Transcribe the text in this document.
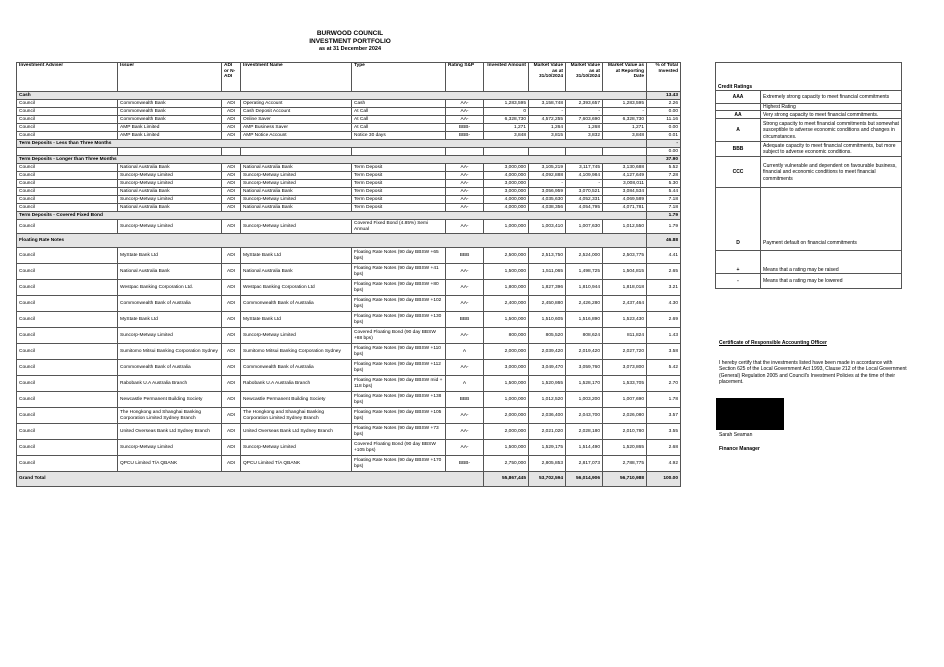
BURWOOD COUNCIL
INVESTMENT PORTFOLIO
as at 31 December 2024
Investment Adviser	Issuer	ADI or N-ADI	Investment Name	Type	Rating S&P	Invested Amount	Market Value as at 31/10/2024	Market Value as at 31/10/2024	Market Value as at Reporting Date	% of Total Invested
Cash										13.43
Council	Commonwealth Bank	ADI	Operating Account	Cash	AA-	1,283,595	3,158,748	2,393,657	1,283,595	2.26
Council	Commonwealth Bank	ADI	Cash Deposit Account	At Call	AA-	0	-	-	-	0.00
Council	Commonwealth Bank	ADI	Online Saver	At Call	AA-	6,328,730	4,572,255	7,603,690	6,328,730	11.16
Council	AMP Bank Limited	ADI	AMP Business Saver	At Call	BBB-	1,271	1,264	1,268	1,271	0.00
Council	AMP Bank Limited	ADI	AMP Notice Account	Notice 30 days	BBB-	3,848	3,815	3,832	3,848	0.01
Term Deposits - Less than Three Months										-
										0.00
Term Deposits - Longer than Three Months										37.90
Council	National Australia Bank	ADI	National Australia Bank	Term Deposit	AA-	3,000,000	3,105,219	3,117,745	3,130,688	5.52
Council	Suncorp-Metway Limited	ADI	Suncorp-Metway Limited	Term Deposit	AA-	4,000,000	4,092,888	4,109,984	4,127,649	7.28
Council	Suncorp-Metway Limited	ADI	Suncorp-Metway Limited	Term Deposit	AA-	3,000,000	-	-	3,008,011	5.30
Council	National Australia Bank	ADI	National Australia Bank	Term Deposit	AA-	3,000,000	3,056,959	3,070,521	3,084,534	5.44
Council	Suncorp-Metway Limited	ADI	Suncorp-Metway Limited	Term Deposit	AA-	4,000,000	4,035,630	4,052,331	4,069,589	7.18
Council	National Australia Bank	ADI	National Australia Bank	Term Deposit	AA-	4,000,000	4,038,356	4,054,795	4,071,781	7.18
Term Deposits - Covered Fixed Bond										1.79
Council	Suncorp-Metway Limited	ADI	Suncorp-Metway Limited	Covered Fixed Bond (4.85%) Semi Annual	AA-	1,000,000	1,003,410	1,007,630	1,012,550	1.79
Floating Rate Notes										46.88
Council	MyState Bank Ltd	ADI	MyState Bank Ltd	Floating Rate Notes (90 day BBSW +65 bps)	BBB	2,500,000	2,513,750	2,524,000	2,503,775	4.41
Council	National Australia Bank	ADI	National Australia Bank	Floating Rate Notes (90 day BBSW +41 bps)	AA-	1,500,000	1,511,065	1,498,725	1,504,815	2.65
Council	Westpac Banking Corporation Ltd.	ADI	Westpac Banking Corporation Ltd	Floating Rate Notes (90 day BBSW +80 bps)	AA-	1,800,000	1,827,396	1,810,944	1,818,018	3.21
Council	Commonwealth Bank of Australia	ADI	Commonwealth Bank of Australia	Floating Rate Notes (90 day BBSW +102 bps)	AA-	2,400,000	2,450,880	2,426,280	2,437,464	4.30
Council	MyState Bank Ltd	ADI	MyState Bank Ltd	Floating Rate Notes (90 day BBSW +130 bps)	BBB	1,500,000	1,510,605	1,516,890	1,523,430	2.69
Council	Suncorp-Metway Limited	ADI	Suncorp-Metway Limited	Covered Floating Bond (90 day BBSW +88 bps)	AA-	800,000	805,520	808,624	811,824	1.43
Council	Sumitomo Mitsui Banking Corporation Sydney	ADI	Sumitomo Mitsui Banking Corporation Sydney	Floating Rate Notes (90 day BBSW +110 bps)	A	2,000,000	2,039,420	2,019,420	2,027,720	3.58
Council	Commonwealth Bank of Australia	ADI	Commonwealth Bank of Australia	Floating Rate Notes (90 day BBSW +112 bps)	AA-	3,000,000	3,049,470	3,059,760	3,073,800	5.42
Council	Rabobank U.A Australia Branch	ADI	Rabobank U.A Australia Branch	Floating Rate Notes (90 day BBSW mid + 118 bps)	A	1,500,000	1,520,955	1,528,170	1,533,705	2.70
Council	Newcastle Permanent Building Society	ADI	Newcastle Permanent Building Society	Floating Rate Notes (90 day BBSW +138 bps)	BBB	1,000,000	1,012,520	1,003,200	1,007,690	1.78
Council	The Hongkong and Shanghai Banking Corporation Limited Sydney Branch	ADI	The Hongkong and Shanghai Banking Corporation Limited Sydney Branch	Floating Rate Notes (90 day BBSW +105 bps)	AA-	2,000,000	2,036,400	2,043,700	2,026,080	3.57
Council	United Overseas Bank Ltd Sydney Branch	ADI	United Overseas Bank Ltd Sydney Branch	Floating Rate Notes (90 day BBSW +73 bps)	AA-	2,000,000	2,021,020	2,028,180	2,010,780	3.55
Council	Suncorp-Metway Limited	ADI	Suncorp-Metway Limited	Covered Floating Bond (90 day BBSW +105 bps)	AA-	1,500,000	1,529,175	1,514,490	1,520,865	2.68
Council	QPCU Limited T/A QBANK	ADI	QPCU Limited T/A QBANK	Floating Rate Notes (90 day BBSW +170 bps)	BBB-	2,750,000	2,805,853	2,817,073	2,788,775	4.92
Grand Total						55,867,445	53,702,594	56,014,906	56,710,988	100.00
Credit Ratings	
AAA	Extremely strong capacity to meet financial commitments
	Highest Rating
AA	Very strong capacity to meet financial commitments.
A	Strong capacity to meet financial commitments but somewhat susceptible to adverse economic conditions and changes in circumstances.
BBB	Adequate capacity to meet financial commitments, but more subject to adverse economic conditions.
CCC	Currently vulnerable and dependent on favourable business, financial and economic conditions to meet financial commitments
D	Payment default on financial commitments
+	Means that a rating may be raised
-	Means that a rating may be lowered
Certificate of Responsible Accounting Officer
I hereby certify that the investments listed have been made in accordance with Section 625 of the Local Government Act 1993, Clause 212 of the Local Government (General) Regulation 2005 and Council's Investment Policies at the time of their placement.
Sarah Seaman
Finance Manager
